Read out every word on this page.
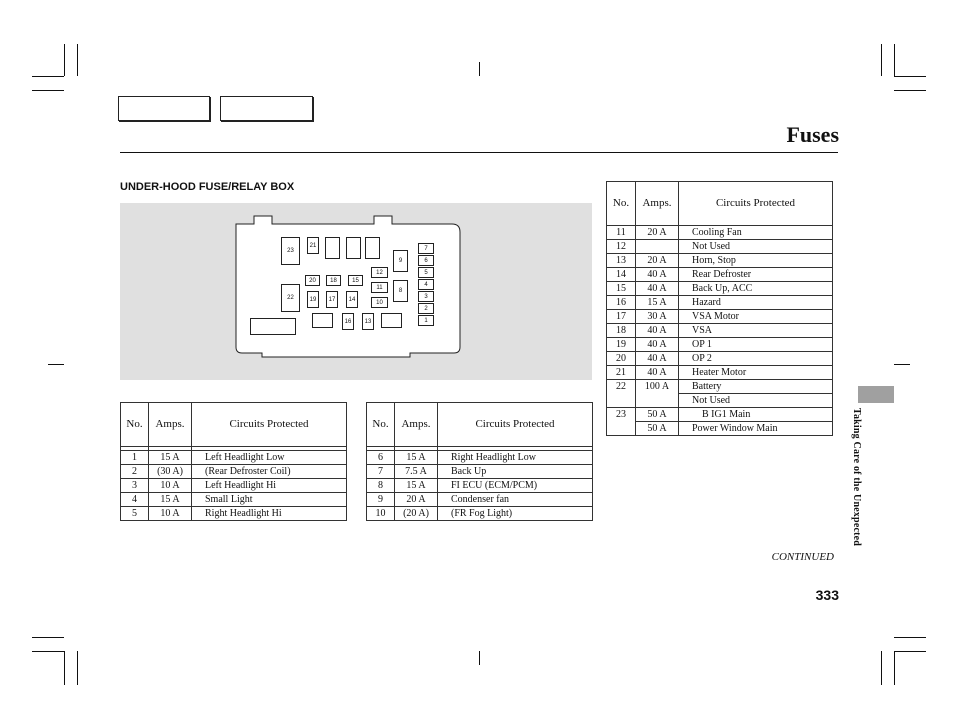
Fuses
UNDER-HOOD FUSE/RELAY BOX
23
21
22
20	18	15
19	17	14
12
11
10
9
8
16	13
7
6
5
4
3
2
1
No.	Amps.	Circuits Protected

1	15 A	Left Headlight Low
2	(30 A)	(Rear Defroster Coil)
3	10 A	Left Headlight Hi
4	15 A	Small Light
5	10 A	Right Headlight Hi
No.	Amps.	Circuits Protected

6	15 A	Right Headlight Low
7	7.5 A	Back Up
8	15 A	FI ECU (ECM/PCM)
9	20 A	Condenser fan
10	(20 A)	(FR Fog Light)
No.	Amps.	Circuits Protected
11	20 A	Cooling Fan
12		Not Used
13	20 A	Horn, Stop
14	40 A	Rear Defroster
15	40 A	Back Up, ACC
16	15 A	Hazard
17	30 A	VSA Motor
18	40 A	VSA
19	40 A	OP 1
20	40 A	OP 2
21	40 A	Heater Motor
22	100 A	Battery
		Not Used
23	50 A	B IG1 Main
	50 A	Power Window Main	Taking Care of the Unexpected
CONTINUED
333
